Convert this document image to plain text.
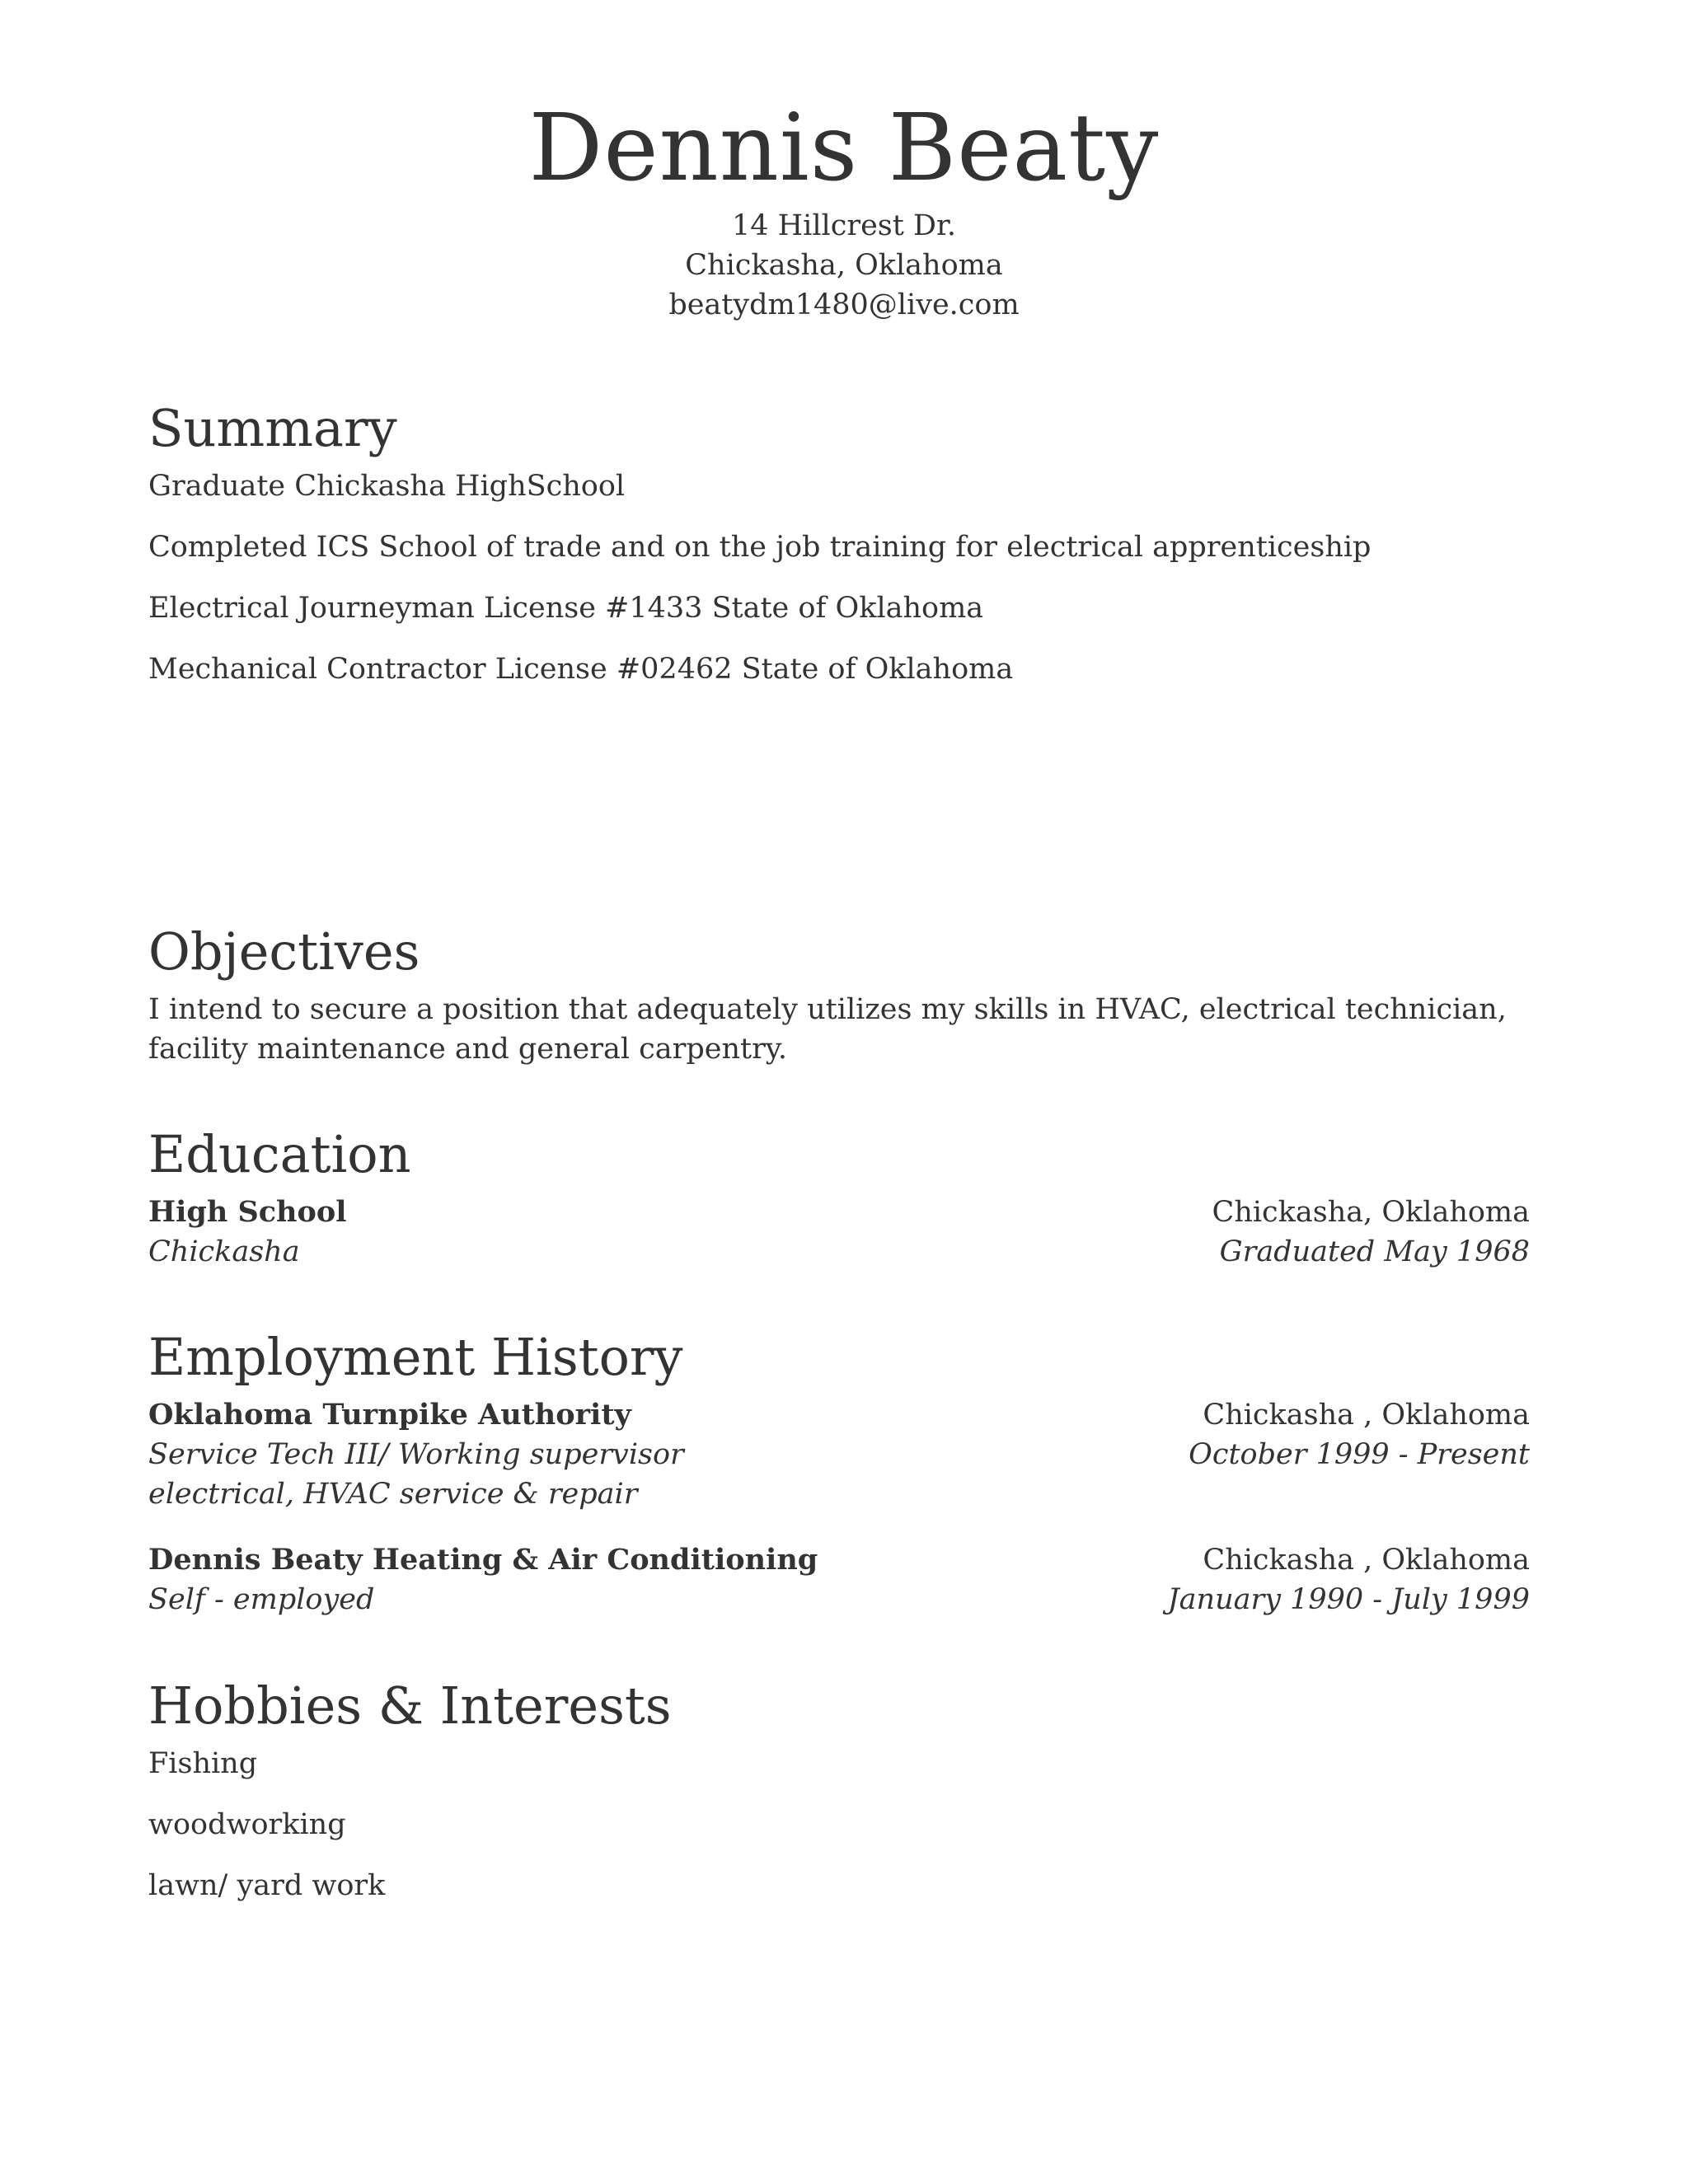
Dennis Beaty
14 Hillcrest Dr.
Chickasha, Oklahoma
beatydm1480@live.com
Summary

Graduate Chickasha HighSchool

Completed ICS School of trade and on the job training for electrical apprenticeship

Electrical Journeyman License #1433 State of Oklahoma

Mechanical Contractor License #02462 State of Oklahoma

Objectives

I intend to secure a position that adequately utilizes my skills in HVAC, electrical technician, facility maintenance and general carpentry.

Education
High School
Chickasha
Chickasha, Oklahoma
Graduated May 1968
Employment History
Oklahoma Turnpike Authority
Service Tech III/ Working supervisor electrical, HVAC service & repair
Chickasha , Oklahoma
October 1999 - Present
Dennis Beaty Heating & Air Conditioning
Self - employed
Chickasha , Oklahoma
January 1990 - July 1999
Hobbies & Interests

Fishing

woodworking

lawn/ yard work
